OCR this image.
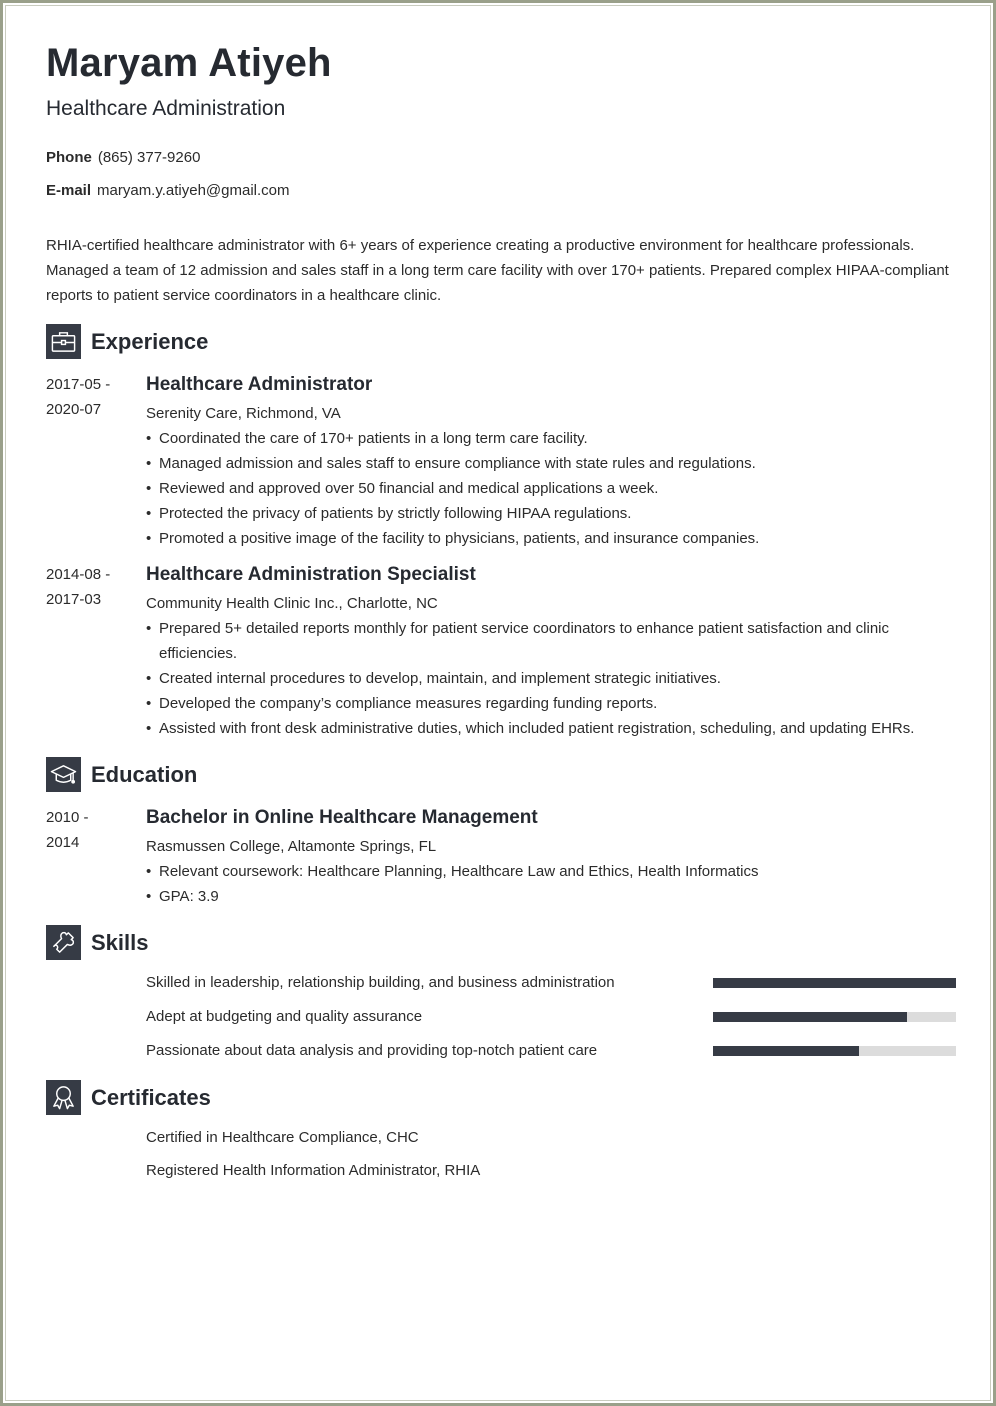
Maryam Atiyeh
Healthcare Administration
Phone (865) 377-9260
E-mail maryam.y.atiyeh@gmail.com
RHIA-certified healthcare administrator with 6+ years of experience creating a productive environment for healthcare professionals. Managed a team of 12 admission and sales staff in a long term care facility with over 170+ patients. Prepared complex HIPAA-compliant reports to patient service coordinators in a healthcare clinic.
Experience
2017-05 -
2020-07
Healthcare Administrator
Serenity Care, Richmond, VA
• Coordinated the care of 170+ patients in a long term care facility.
• Managed admission and sales staff to ensure compliance with state rules and regulations.
• Reviewed and approved over 50 financial and medical applications a week.
• Protected the privacy of patients by strictly following HIPAA regulations.
• Promoted a positive image of the facility to physicians, patients, and insurance companies.
2014-08 -
2017-03
Healthcare Administration Specialist
Community Health Clinic Inc., Charlotte, NC
• Prepared 5+ detailed reports monthly for patient service coordinators to enhance patient satisfaction and clinic efficiencies.
• Created internal procedures to develop, maintain, and implement strategic initiatives.
• Developed the company’s compliance measures regarding funding reports.
• Assisted with front desk administrative duties, which included patient registration, scheduling, and updating EHRs.
Education
2010 -
2014
Bachelor in Online Healthcare Management
Rasmussen College, Altamonte Springs, FL
• Relevant coursework: Healthcare Planning, Healthcare Law and Ethics, Health Informatics
• GPA: 3.9
Skills
Skilled in leadership, relationship building, and business administration
Adept at budgeting and quality assurance
Passionate about data analysis and providing top-notch patient care
Certificates
Certified in Healthcare Compliance, CHC
Registered Health Information Administrator, RHIA
